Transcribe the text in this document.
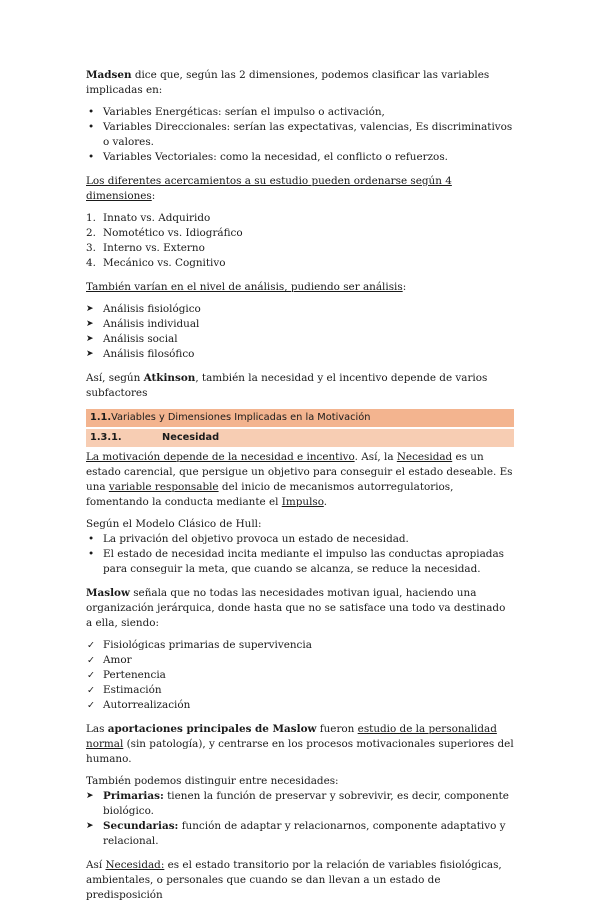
Madsen dice que, según las 2 dimensiones, podemos clasificar las variables implicadas en:

• Variables Energéticas: serían el impulso o activación,
• Variables Direccionales: serían las expectativas, valencias, Es discriminativos o valores.
• Variables Vectoriales: como la necesidad, el conflicto o refuerzos.

Los diferentes acercamientos a su estudio pueden ordenarse según 4 dimensiones:

1. Innato vs. Adquirido
2. Nomotético vs. Idiográfico
3. Interno vs. Externo
4. Mecánico vs. Cognitivo

También varían en el nivel de análisis, pudiendo ser análisis:

➤ Análisis fisiológico
➤ Análisis individual
➤ Análisis social
➤ Análisis filosófico

Así, según Atkinson, también la necesidad y el incentivo depende de varios subfactores

1.1.Variables y Dimensiones Implicadas en la Motivación
1.3.1.	Necesidad

La motivación depende de la necesidad e incentivo. Así, la Necesidad es un estado carencial, que persigue un objetivo para conseguir el estado deseable. Es una variable responsable del inicio de mecanismos autorregulatorios, fomentando la conducta mediante el Impulso.

Según el Modelo Clásico de Hull:

• La privación del objetivo provoca un estado de necesidad.
• El estado de necesidad incita mediante el impulso las conductas apropiadas para conseguir la meta, que cuando se alcanza, se reduce la necesidad.

Maslow señala que no todas las necesidades motivan igual, haciendo una organización jerárquica, donde hasta que no se satisface una todo va destinado a ella, siendo:

✓ Fisiológicas primarias de supervivencia
✓ Amor
✓ Pertenencia
✓ Estimación
✓ Autorrealización

Las aportaciones principales de Maslow fueron estudio de la personalidad normal (sin patología), y centrarse en los procesos motivacionales superiores del humano.

También podemos distinguir entre necesidades:

➤ Primarias: tienen la función de preservar y sobrevivir, es decir, componente biológico.
➤ Secundarias: función de adaptar y relacionarnos, componente adaptativo y relacional.

Así Necesidad: es el estado transitorio por la relación de variables fisiológicas, ambientales, o personales que cuando se dan llevan a un estado de predisposición
